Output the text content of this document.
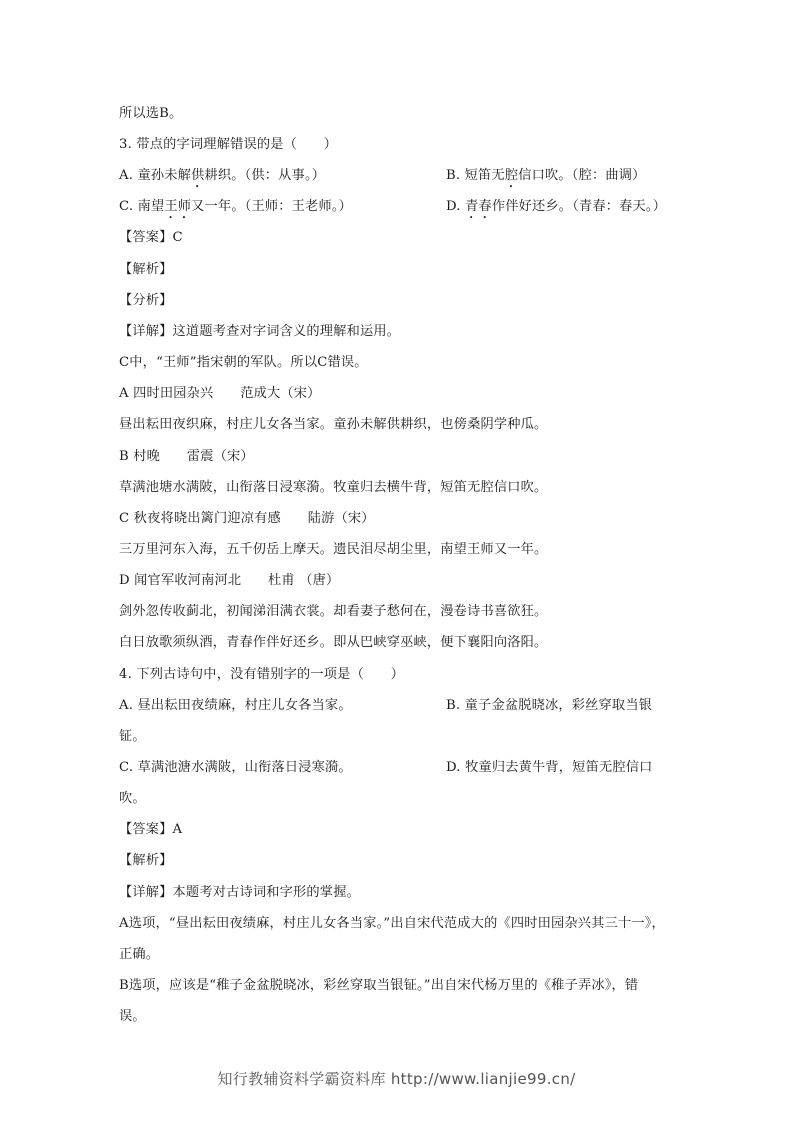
所以选B。
3. 带点的字词理解错误的是（　　）
A. 童孙未解供耕织。（供：从事。）	B. 短笛无腔信口吹。（腔：曲调）
C. 南望王师又一年。（王师：王老师。）	D. 青春作伴好还乡。（青春：春天。）
【答案】C
【解析】
【分析】
【详解】这道题考查对字词含义的理解和运用。
C中，“王师”指宋朝的军队。所以C错误。
A 四时田园杂兴　　范成大（宋）
昼出耘田夜织麻，村庄儿女各当家。童孙未解供耕织，也傍桑阴学种瓜。
B 村晚　　雷震（宋）
草满池塘水满陂，山衔落日浸寒漪。牧童归去横牛背，短笛无腔信口吹。
C 秋夜将晓出篱门迎凉有感　　陆游（宋）
三万里河东入海，五千仞岳上摩天。遗民泪尽胡尘里，南望王师又一年。
D 闻官军收河南河北　　杜甫 （唐）
剑外忽传收蓟北，初闻涕泪满衣裳。却看妻子愁何在，漫卷诗书喜欲狂。
白日放歌须纵酒，青春作伴好还乡。即从巴峡穿巫峡，便下襄阳向洛阳。
4. 下列古诗句中，没有错别字的一项是（　　）
A. 昼出耘田夜绩麻，村庄儿女各当家。	B. 童子金盆脱晓冰，彩丝穿取当银
钲。
C. 草满池溏水满陂，山衔落日浸寒漪。	D. 牧童归去黄牛背，短笛无腔信口
吹。
【答案】A
【解析】
【详解】本题考对古诗词和字形的掌握。
A选项，“昼出耘田夜绩麻，村庄儿女各当家。”出自宋代范成大的《四时田园杂兴其三十一》，
正确。
B选项，应该是“稚子金盆脱晓冰，彩丝穿取当银钲。”出自宋代杨万里的《稚子弄冰》，错
误。
知行教辅资料学霸资料库 http://www.lianjie99.cn/
